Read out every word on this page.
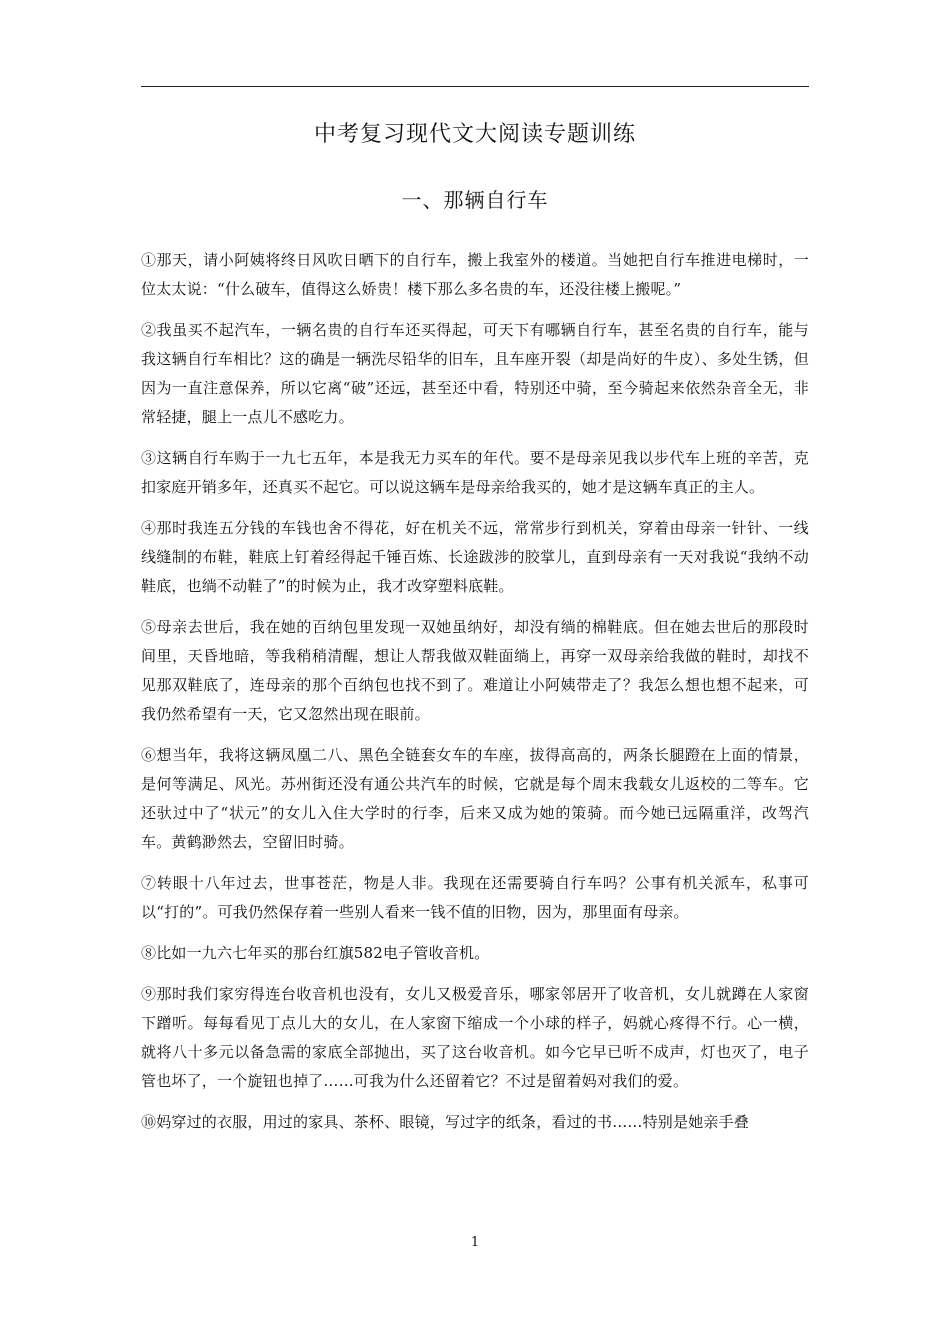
中考复习现代文大阅读专题训练
一、那辆自行车

①那天，请小阿姨将终日风吹日晒下的自行车，搬上我室外的楼道。当她把自行车推进电梯时，一位太太说：“什么破车，值得这么娇贵！楼下那么多名贵的车，还没往楼上搬呢。”

②我虽买不起汽车，一辆名贵的自行车还买得起，可天下有哪辆自行车，甚至名贵的自行车，能与我这辆自行车相比？这的确是一辆洗尽铅华的旧车，且车座开裂（却是尚好的牛皮）、多处生锈，但因为一直注意保养，所以它离“破”还远，甚至还中看，特别还中骑，至今骑起来依然杂音全无，非常轻捷，腿上一点儿不感吃力。

③这辆自行车购于一九七五年，本是我无力买车的年代。要不是母亲见我以步代车上班的辛苦，克扣家庭开销多年，还真买不起它。可以说这辆车是母亲给我买的，她才是这辆车真正的主人。

④那时我连五分钱的车钱也舍不得花，好在机关不远，常常步行到机关，穿着由母亲一针针、一线线缝制的布鞋，鞋底上钉着经得起千锤百炼、长途跋涉的胶掌儿，直到母亲有一天对我说“我纳不动鞋底，也绱不动鞋了”的时候为止，我才改穿塑料底鞋。

⑤母亲去世后，我在她的百纳包里发现一双她虽纳好，却没有绱的棉鞋底。但在她去世后的那段时间里，天昏地暗，等我稍稍清醒，想让人帮我做双鞋面绱上，再穿一双母亲给我做的鞋时，却找不见那双鞋底了，连母亲的那个百纳包也找不到了。难道让小阿姨带走了？我怎么想也想不起来，可我仍然希望有一天，它又忽然出现在眼前。

⑥想当年，我将这辆凤凰二八、黑色全链套女车的车座，拔得高高的，两条长腿蹬在上面的情景，是何等满足、风光。苏州街还没有通公共汽车的时候，它就是每个周末我载女儿返校的二等车。它还驮过中了“状元”的女儿入住大学时的行李，后来又成为她的策骑。而今她已远隔重洋，改驾汽车。黄鹤渺然去，空留旧时骑。

⑦转眼十八年过去，世事苍茫，物是人非。我现在还需要骑自行车吗？公事有机关派车，私事可以“打的”。可我仍然保存着一些别人看来一钱不值的旧物，因为，那里面有母亲。

⑧比如一九六七年买的那台红旗582电子管收音机。

⑨那时我们家穷得连台收音机也没有，女儿又极爱音乐，哪家邻居开了收音机，女儿就蹲在人家窗下蹭听。每每看见丁点儿大的女儿，在人家窗下缩成一个小球的样子，妈就心疼得不行。心一横，就将八十多元以备急需的家底全部抛出，买了这台收音机。如今它早已听不成声，灯也灭了，电子管也坏了，一个旋钮也掉了……可我为什么还留着它？不过是留着妈对我们的爱。

⑩妈穿过的衣服，用过的家具、茶杯、眼镜，写过字的纸条，看过的书……特别是她亲手叠

1
